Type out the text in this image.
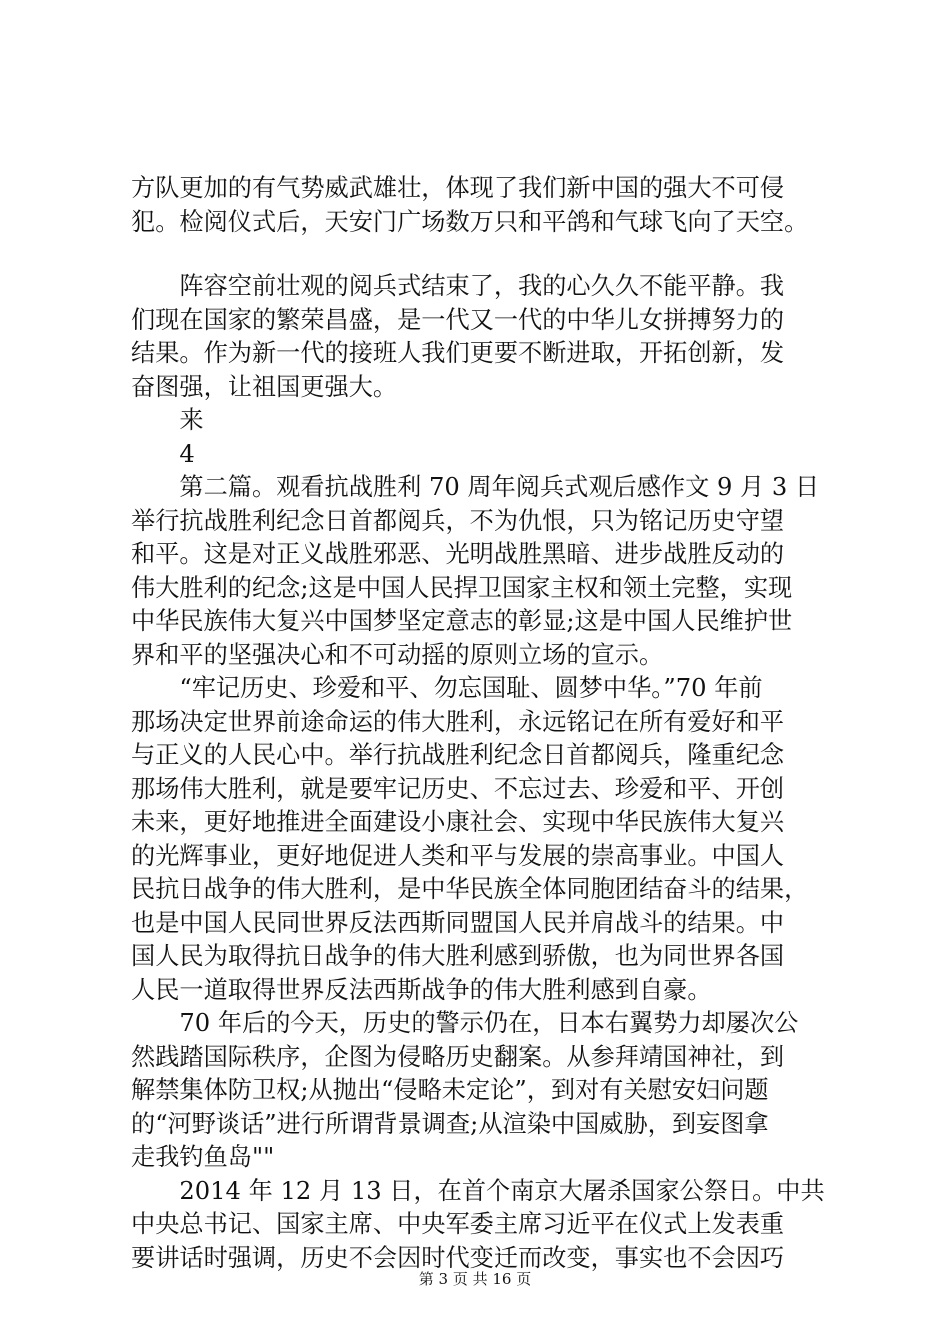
方队更加的有气势威武雄壮，体现了我们新中国的强大不可侵
犯。检阅仪式后，天安门广场数万只和平鸽和气球飞向了天空。
　　阵容空前壮观的阅兵式结束了，我的心久久不能平静。我
们现在国家的繁荣昌盛，是一代又一代的中华儿女拼搏努力的
结果。作为新一代的接班人我们更要不断进取，开拓创新，发
奋图强，让祖国更强大。
　　来
　　4
　　第二篇。观看抗战胜利 70 周年阅兵式观后感作文 9 月 3 日
举行抗战胜利纪念日首都阅兵，不为仇恨，只为铭记历史守望
和平。这是对正义战胜邪恶、光明战胜黑暗、进步战胜反动的
伟大胜利的纪念;这是中国人民捍卫国家主权和领土完整，实现
中华民族伟大复兴中国梦坚定意志的彰显;这是中国人民维护世
界和平的坚强决心和不可动摇的原则立场的宣示。
　　“牢记历史、珍爱和平、勿忘国耻、圆梦中华。”70 年前
那场决定世界前途命运的伟大胜利，永远铭记在所有爱好和平
与正义的人民心中。举行抗战胜利纪念日首都阅兵，隆重纪念
那场伟大胜利，就是要牢记历史、不忘过去、珍爱和平、开创
未来，更好地推进全面建设小康社会、实现中华民族伟大复兴
的光辉事业，更好地促进人类和平与发展的崇高事业。中国人
民抗日战争的伟大胜利，是中华民族全体同胞团结奋斗的结果，
也是中国人民同世界反法西斯同盟国人民并肩战斗的结果。中
国人民为取得抗日战争的伟大胜利感到骄傲，也为同世界各国
人民一道取得世界反法西斯战争的伟大胜利感到自豪。
　　70 年后的今天，历史的警示仍在，日本右翼势力却屡次公
然践踏国际秩序，企图为侵略历史翻案。从参拜靖国神社，到
解禁集体防卫权;从抛出“侵略未定论”，到对有关慰安妇问题
的“河野谈话”进行所谓背景调查;从渲染中国威胁，到妄图拿
走我钓鱼岛""
　　2014 年 12 月 13 日，在首个南京大屠杀国家公祭日。中共
中央总书记、国家主席、中央军委主席习近平在仪式上发表重
要讲话时强调，历史不会因时代变迁而改变，事实也不会因巧
第 3 页 共 16 页
